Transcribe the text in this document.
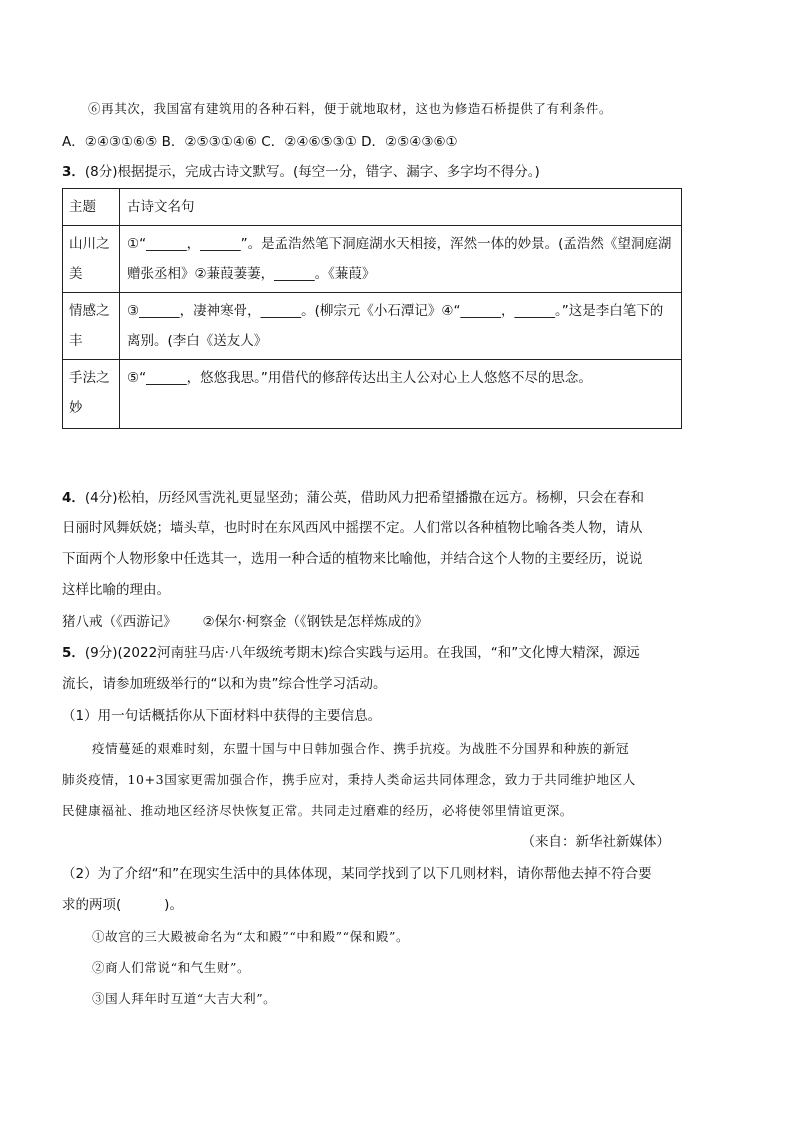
⑥再其次，我国富有建筑用的各种石料，便于就地取材，这也为修造石桥提供了有利条件。
A．②④③①⑥⑤ B．②⑤③①④⑥ C．②④⑥⑤③① D．②⑤④③⑥①
3．(8分)根据提示，完成古诗文默写。(每空一分，错字、漏字、多字均不得分。)
主题	古诗文名句
山川之美	①“______，______”。是孟浩然笔下洞庭湖水天相接，浑然一体的妙景。(孟浩然《望洞庭湖赠张丞相》②蒹葭萋萋，______。《蒹葭》
情感之丰	③______，凄神寒骨，______。(柳宗元《小石潭记》④“______，______。”这是李白笔下的离别。(李白《送友人》
手法之妙	⑤“______，悠悠我思。”用借代的修辞传达出主人公对心上人悠悠不尽的思念。
4．(4分)松柏，历经风雪洗礼更显坚劲；蒲公英，借助风力把希望播撒在远方。杨柳，只会在春和
日丽时风舞妖娆；墙头草，也时时在东风西风中摇摆不定。人们常以各种植物比喻各类人物，请从
下面两个人物形象中任选其一，选用一种合适的植物来比喻他，并结合这个人物的主要经历，说说
这样比喻的理由。
猪八戒（《西游记》      ②保尔·柯察金（《钢铁是怎样炼成的》
5．(9分)(2022河南驻马店·八年级统考期末)综合实践与运用。在我国，“和”文化博大精深，源远
流长，请参加班级举行的“以和为贵”综合性学习活动。
（1）用一句话概括你从下面材料中获得的主要信息。
疫情蔓延的艰难时刻，东盟十国与中日韩加强合作、携手抗疫。为战胜不分国界和种族的新冠
肺炎疫情，10+3国家更需加强合作，携手应对，秉持人类命运共同体理念，致力于共同维护地区人
民健康福祉、推动地区经济尽快恢复正常。共同走过磨难的经历，必将使邻里情谊更深。
（来自：新华社新媒体）
（2）为了介绍“和”在现实生活中的具体体现，某同学找到了以下几则材料，请你帮他去掉不符合要
求的两项(          )。
①故宫的三大殿被命名为“太和殿”“中和殿”“保和殿”。
②商人们常说“和气生财”。
③国人拜年时互道“大吉大利”。
